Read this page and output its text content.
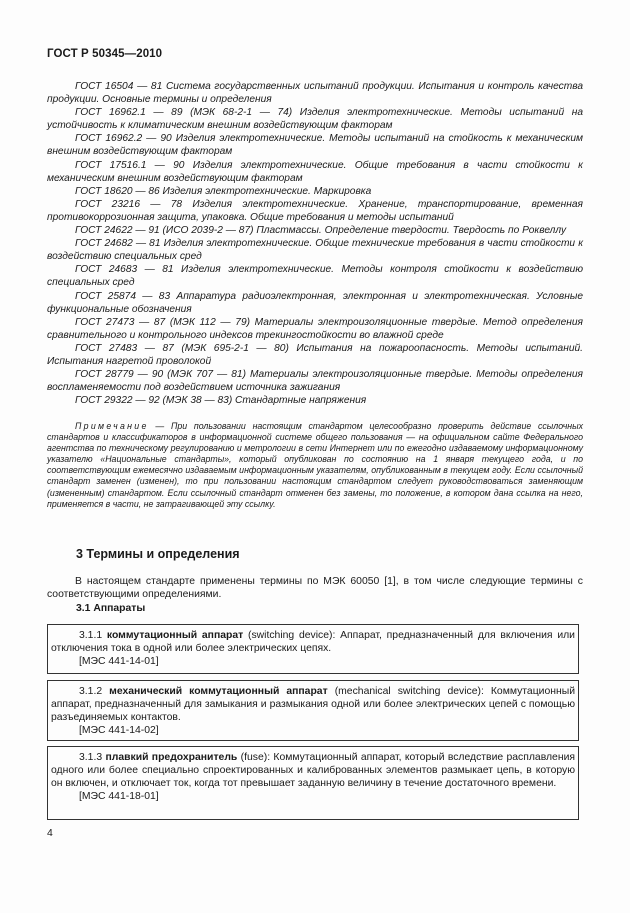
ГОСТ Р 50345—2010

ГОСТ 16504 — 81 Система государственных испытаний продукции. Испытания и контроль качества продукции. Основные термины и определения

ГОСТ 16962.1 — 89 (МЭК 68-2-1 — 74) Изделия электротехнические. Методы испытаний на устойчивость к климатическим внешним воздействующим факторам

ГОСТ 16962.2 — 90 Изделия электротехнические. Методы испытаний на стойкость к механическим внешним воздействующим факторам

ГОСТ 17516.1 — 90 Изделия электротехнические. Общие требования в части стойкости к механическим внешним воздействующим факторам

ГОСТ 18620 — 86 Изделия электротехнические. Маркировка

ГОСТ 23216 — 78 Изделия электротехнические. Хранение, транспортирование, временная противокоррозионная защита, упаковка. Общие требования и методы испытаний

ГОСТ 24622 — 91 (ИСО 2039-2 — 87) Пластмассы. Определение твердости. Твердость по Роквеллу

ГОСТ 24682 — 81 Изделия электротехнические. Общие технические требования в части стойкости к воздействию специальных сред

ГОСТ 24683 — 81 Изделия электротехнические. Методы контроля стойкости к воздействию специальных сред

ГОСТ 25874 — 83 Аппаратура радиоэлектронная, электронная и электротехническая. Условные функциональные обозначения

ГОСТ 27473 — 87 (МЭК 112 — 79) Материалы электроизоляционные твердые. Метод определения сравнительного и контрольного индексов трекингостойкости во влажной среде

ГОСТ 27483 — 87 (МЭК 695-2-1 — 80) Испытания на пожароопасность. Методы испытаний. Испытания нагретой проволокой

ГОСТ 28779 — 90 (МЭК 707 — 81) Материалы электроизоляционные твердые. Методы определения воспламеняемости под воздействием источника зажигания

ГОСТ 29322 — 92 (МЭК 38 — 83) Стандартные напряжения

Примечание — При пользовании настоящим стандартом целесообразно проверить действие ссылочных стандартов и классификаторов в информационной системе общего пользования — на официальном сайте Федерального агентства по техническому регулированию и метрологии в сети Интернет или по ежегодно издаваемому информационному указателю «Национальные стандарты», который опубликован по состоянию на 1 января текущего года, и по соответствующим ежемесячно издаваемым информационным указателям, опубликованным в текущем году. Если ссылочный стандарт заменен (изменен), то при пользовании настоящим стандартом следует руководствоваться заменяющим (измененным) стандартом. Если ссылочный стандарт отменен без замены, то положение, в котором дана ссылка на него, применяется в части, не затрагивающей эту ссылку.

3 Термины и определения

В настоящем стандарте применены термины по МЭК 60050 [1], в том числе следующие термины с соответствующими определениями.

3.1 Аппараты

3.1.1 коммутационный аппарат (switching device): Аппарат, предназначенный для включения или отключения тока в одной или более электрических цепях.

[МЭС 441-14-01]

3.1.2 механический коммутационный аппарат (mechanical switching device): Коммутационный аппарат, предназначенный для замыкания и размыкания одной или более электрических цепей с помощью разъединяемых контактов.

[МЭС 441-14-02]

3.1.3 плавкий предохранитель (fuse): Коммутационный аппарат, который вследствие расплавления одного или более специально спроектированных и калиброванных элементов размыкает цепь, в которую он включен, и отключает ток, когда тот превышает заданную величину в течение достаточного времени.

[МЭС 441-18-01]

4
